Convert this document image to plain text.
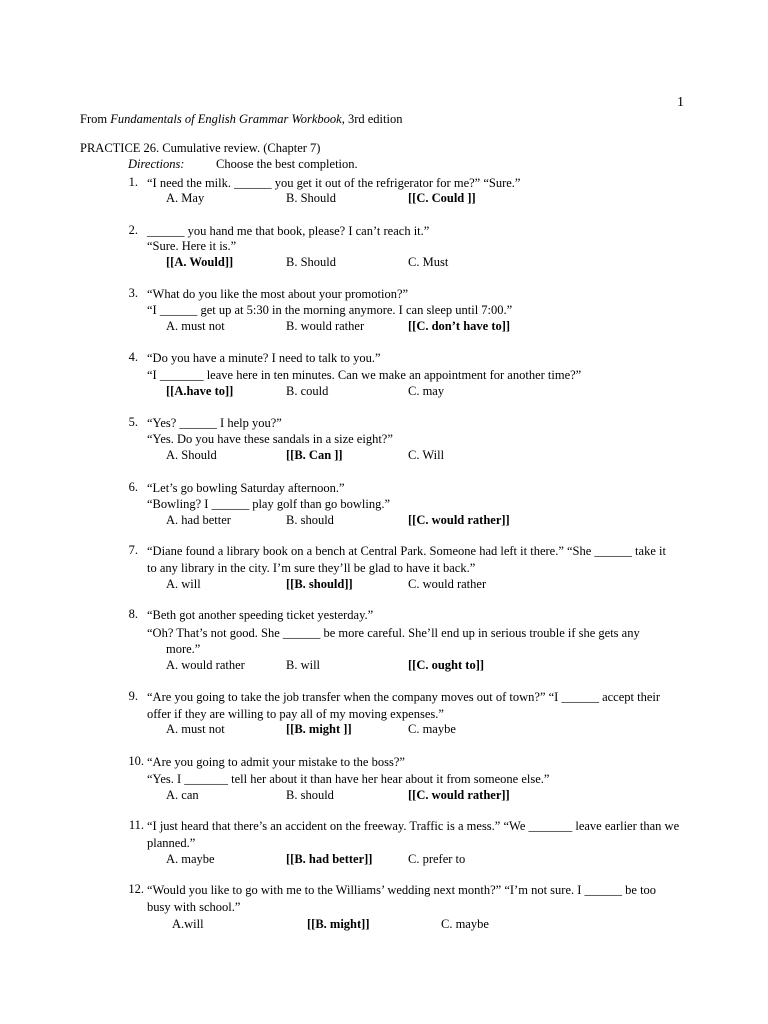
1
From Fundamentals of English Grammar Workbook, 3rd edition
PRACTICE 26. Cumulative review. (Chapter 7)
Directions:	Choose the best completion.
1. “I need the milk. ______ you get it out of the refrigerator for me?” “Sure.”
A. May	B. Should	[[C. Could ]]
2. ______ you hand me that book, please? I can’t reach it.”
“Sure. Here it is.”
[[A. Would]]	B. Should	C. Must
3. “What do you like the most about your promotion?”
“I ______ get up at 5:30 in the morning anymore. I can sleep until 7:00.”
A. must not	B. would rather	[[C. don’t have to]]
4. “Do you have a minute? I need to talk to you.”
“I _______ leave here in ten minutes. Can we make an appointment for another time?”
[[A.have to]]	B. could	C. may
5. “Yes? ______ I help you?”
“Yes. Do you have these sandals in a size eight?”
A. Should	[[B. Can ]]	C. Will
6. “Let’s go bowling Saturday afternoon.”
“Bowling? I ______ play golf than go bowling.”
A. had better	B. should	[[C. would rather]]
7. “Diane found a library book on a bench at Central Park. Someone had left it there.” “She ______ take it
to any library in the city. I’m sure they’ll be glad to have it back.”
A. will	[[B. should]]	C. would rather
8. “Beth got another speeding ticket yesterday.”
“Oh? That’s not good. She ______ be more careful. She’ll end up in serious trouble if she gets any
more.”
A. would rather	B. will	[[C. ought to]]
9. “Are you going to take the job transfer when the company moves out of town?” “I ______ accept their
offer if they are willing to pay all of my moving expenses.”
A. must not	[[B. might ]]	C. maybe
10. “Are you going to admit your mistake to the boss?”
“Yes. I _______ tell her about it than have her hear about it from someone else.”
A. can	B. should	[[C. would rather]]
11. “I just heard that there’s an accident on the freeway. Traffic is a mess.” “We _______ leave earlier than we
planned.”
A. maybe	[[B. had better]]	C. prefer to
12. “Would you like to go with me to the Williams’ wedding next month?” “I’m not sure. I ______ be too
busy with school.”
A.will	[[B. might]]	C. maybe
